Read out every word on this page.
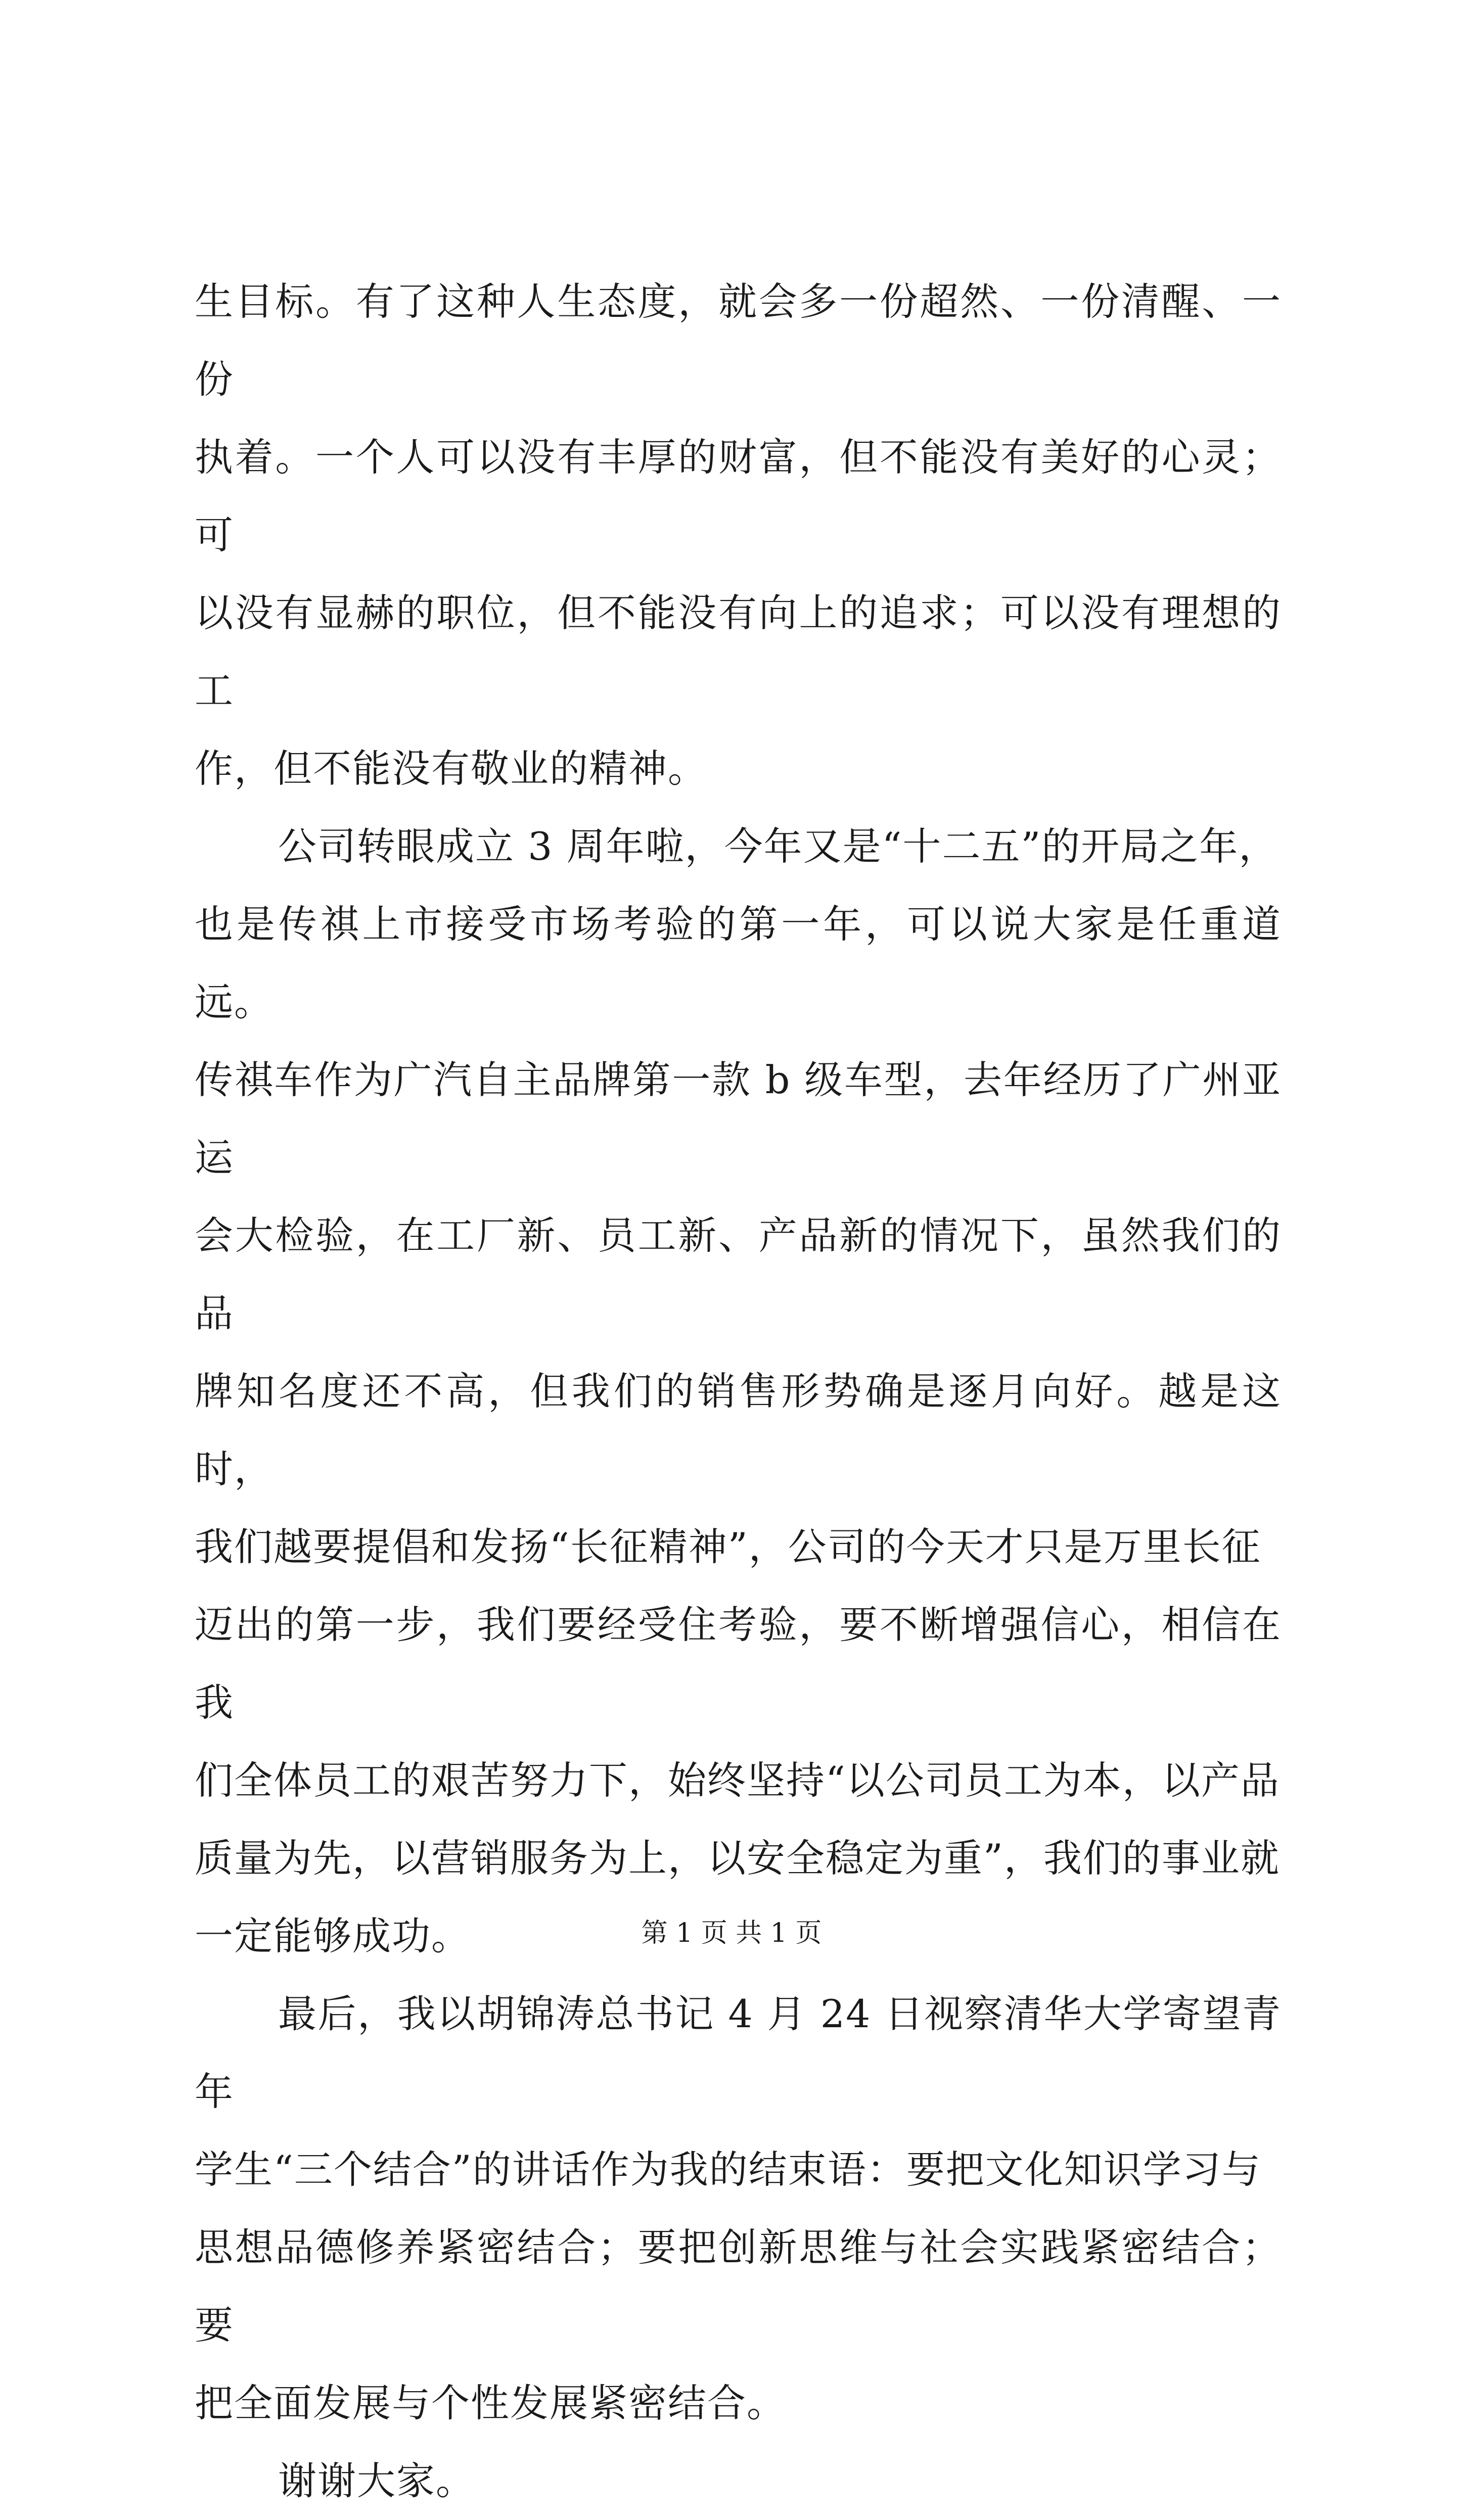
生目标。有了这种人生态度，就会多一份超然、一份清醒、一份
执着。一个人可以没有丰厚的财富，但不能没有美好的心灵；可
以没有显赫的职位，但不能没有向上的追求；可以没有理想的工
作，但不能没有敬业的精神。
公司转眼成立 3 周年啦，今年又是“十二五”的开局之年，
也是传祺上市接受市场考验的第一年，可以说大家是任重道远。
传祺车作为广汽自主品牌第一款 b 级车型，去年经历了广州亚运
会大检验，在工厂新、员工新、产品新的情况下，虽然我们的品
牌知名度还不高，但我们的销售形势确是逐月向好。越是这时，
我们越要提倡和发扬“长征精神”，公司的今天才只是万里长征
迈出的第一步，我们要经受住考验，要不断增强信心，相信在我
们全体员工的艰苦努力下，始终坚持“以公司员工为本，以产品
质量为先，以营销服务为上，以安全稳定为重”，我们的事业就
一定能够成功。
最后，我以胡锦涛总书记 4 月 24 日视察清华大学寄望青年
学生“三个结合”的讲话作为我的结束语：要把文化知识学习与
思想品德修养紧密结合；要把创新思维与社会实践紧密结合；要
把全面发展与个性发展紧密结合。
谢谢大家。
第 1 页 共 1 页
